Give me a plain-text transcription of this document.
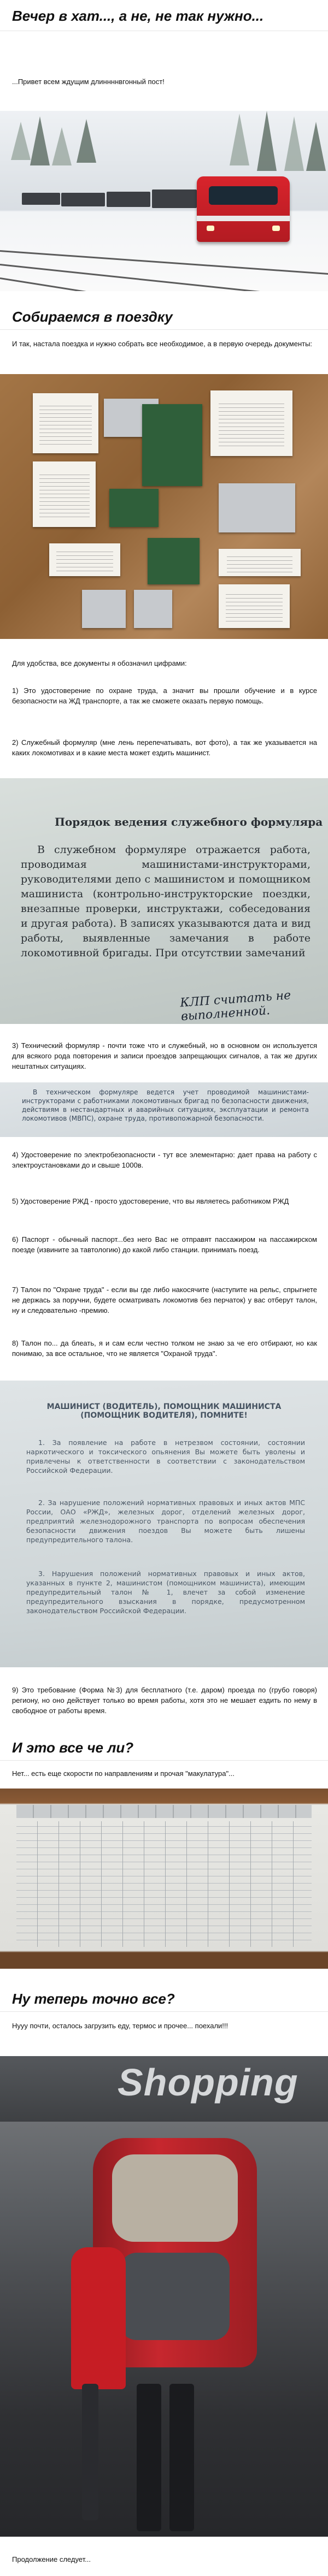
Вечер в хат..., а не, не так нужно...
...Привет всем ждущим длиннннвгонный пост!
Собираемся в поездку
И так, настала поездка и нужно собрать все необходимое, а в первую очередь документы:
Для удобства, все документы я обозначил цифрами:
1) Это удостоверение по охране труда, а значит вы прошли обучение и в курсе безопасности на ЖД транспорте, а так же сможете оказать первую помощь.
2) Служебный формуляр (мне лень перепечатывать, вот фото), а так же указывается на каких локомотивах и в какие места может ездить машинист.
Порядок ведения служебного формуляра
В служебном формуляре отражается работа, проводимая машинистами-инструкторами, руководителями депо с машинистом и помощником машиниста (контрольно-инструкторские поездки, внезапные проверки, инструктажи, собеседования и другая работа). В записях указываются дата и вид работы, выявленные замечания в работе локомотивной бригады. При отсутствии замечаний
КЛП считать не выполненной.
3) Технический формуляр - почти тоже что и служебный, но в основном он используется для всякого рода повторения и записи проездов запрещающих сигналов, а так же других нештатных ситуациях.
В техническом формуляре ведется учет проводимой машинистами-инструкторами с работниками локомотивных бригад по безопасности движения, действиям в нестандартных и аварийных ситуациях, эксплуатации и ремонта локомотивов (МВПС), охране труда, противопожарной безопасности.
4) Удостоверение по электробезопасности - тут все элементарно: дает права на работу с электроустановками до и свыше 1000в.
5) Удостоверение РЖД - просто удостоверение, что вы являетесь работником РЖД
6) Паспорт - обычный паспорт...без него Вас не отправят пассажиром на пассажирском поезде (извините за тавтологию) до какой либо станции. принимать поезд.
7) Талон по "Охране труда" - если вы где либо накосячите (наступите на рельс, спрыгнете не держась за поручни, будете осматривать локомотив без перчаток) у вас отберут талон, ну и следовательно -премию.
8) Талон по... да блеать, я и сам если честно толком не знаю за че его отбирают, но как понимаю, за все остальное, что не является "Охраной труда".
МАШИНИСТ (ВОДИТЕЛЬ), ПОМОЩНИК МАШИНИСТА (ПОМОЩНИК ВОДИТЕЛЯ), ПОМНИТЕ!
1. За появление на работе в нетрезвом состоянии, состоянии наркотического и токсического опьянения Вы можете быть уволены и привлечены к ответственности в соответствии с законодательством Российской Федерации.
2. За нарушение положений нормативных правовых и иных актов МПС России, ОАО «РЖД», железных дорог, отделений железных дорог, предприятий железнодорожного транспорта по вопросам обеспечения безопасности движения поездов Вы можете быть лишены предупредительного талона.
3. Нарушения положений нормативных правовых и иных актов, указанных в пункте 2, машинистом (помощником машиниста), имеющим предупредительный талон № 1, влечет за собой изменение предупредительного взыскания в порядке, предусмотренном законодательством Российской Федерации.
9) Это требование (Форма №3) для бесплатного (т.е. даром) проезда по (грубо говоря) региону, но оно действует только во время работы, хотя это не мешает ездить по нему в свободное от работы время.
И это все че ли?
Нет... есть еще скорости по направлениям и прочая "макулатура"...
Ну теперь точно все?
Нууу почти, осталось загрузить еду, термос и прочее... поехали!!!
Shopping
Продолжение следует...
